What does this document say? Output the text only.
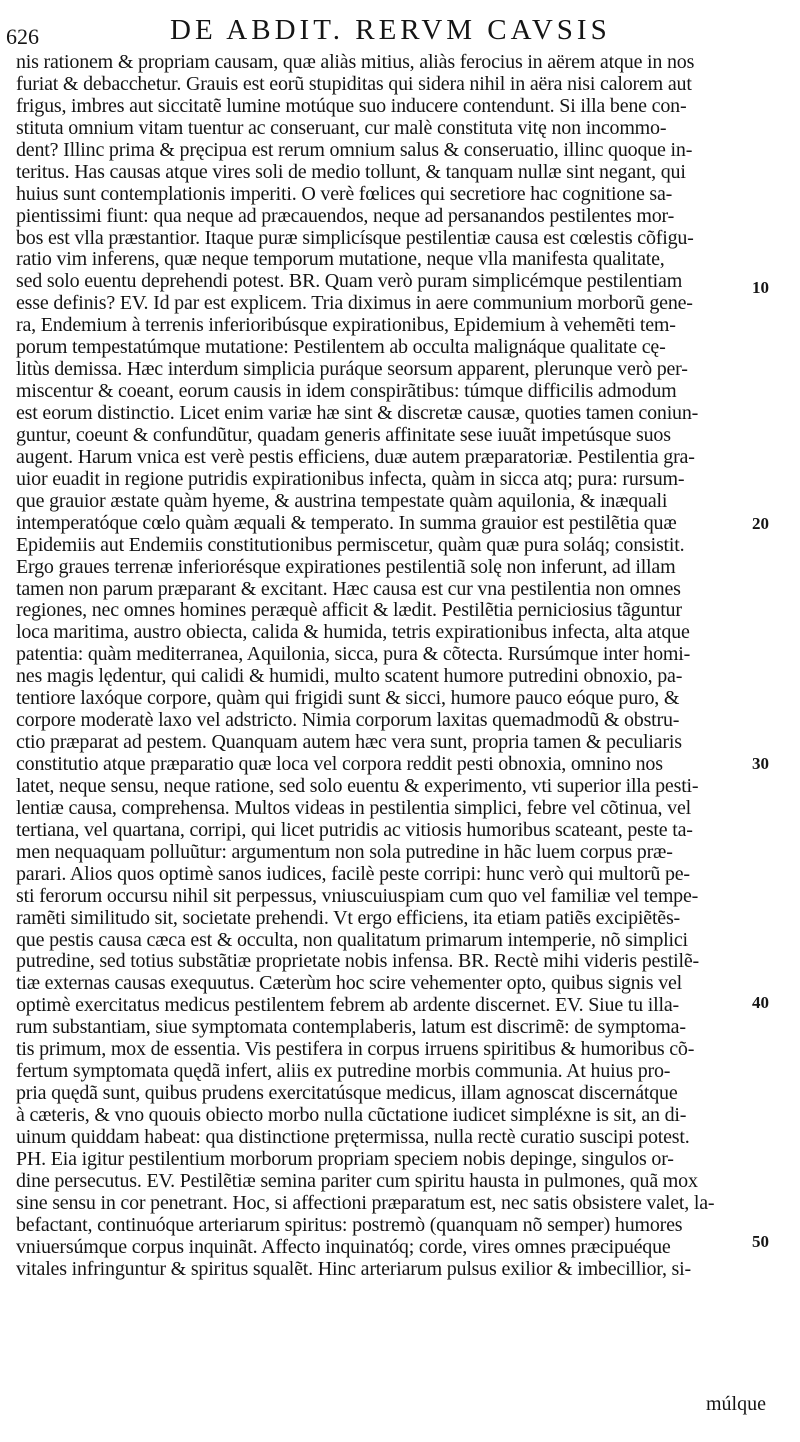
626	DE ABDIT. RERVM CAVSIS
nis rationem & propriam causam, quæ aliàs mitius, aliàs ferocius in aërem atque in nos
furiat & debacchetur. Grauis est eorũ stupiditas qui sidera nihil in aëra nisi calorem aut
frigus, imbres aut siccitatẽ lumine motúque suo inducere contendunt. Si illa bene con-
stituta omnium vitam tuentur ac conseruant, cur malè constituta vitę non incommo-
dent? Illinc prima & pręcipua est rerum omnium salus & conseruatio, illinc quoque in-
teritus. Has causas atque vires soli de medio tollunt, & tanquam nullæ sint negant, qui
huius sunt contemplationis imperiti. O verè fœlices qui secretiore hac cognitione sa-
pientissimi fiunt: qua neque ad præcauendos, neque ad persanandos pestilentes mor-
bos est vlla præstantior. Itaque puræ simplicísque pestilentiæ causa est cœlestis cõfigu-
ratio vim inferens, quæ neque temporum mutatione, neque vlla manifesta qualitate,
sed solo euentu deprehendi potest. BR. Quam verò puram simplicémque pestilentiam
esse definis? EV. Id par est explicem. Tria diximus in aere communium morborũ gene-
ra, Endemium à terrenis inferioribúsque expirationibus, Epidemium à vehemẽti tem-
porum tempestatúmque mutatione: Pestilentem ab occulta malignáque qualitate cę-
litùs demissa. Hæc interdum simplicia puráque seorsum apparent, plerunque verò per-
miscentur & coeant, eorum causis in idem conspirãtibus: túmque difficilis admodum
est eorum distinctio. Licet enim variæ hæ sint & discretæ causæ, quoties tamen coniun-
guntur, coeunt & confundũtur, quadam generis affinitate sese iuuãt impetúsque suos
augent. Harum vnica est verè pestis efficiens, duæ autem præparatoriæ. Pestilentia gra-
uior euadit in regione putridis expirationibus infecta, quàm in sicca atq; pura: rursum-
que grauior æstate quàm hyeme, & austrina tempestate quàm aquilonia, & inæquali
intemperatóque cœlo quàm æquali & temperato. In summa grauior est pestilẽtia quæ
Epidemiis aut Endemiis constitutionibus permiscetur, quàm quæ pura soláq; consistit.
Ergo graues terrenæ inferiorésque expirationes pestilentiã solę non inferunt, ad illam
tamen non parum præparant & excitant. Hæc causa est cur vna pestilentia non omnes
regiones, nec omnes homines peræquè afficit & lædit. Pestilẽtia perniciosius tãguntur
loca maritima, austro obiecta, calida & humida, tetris expirationibus infecta, alta atque
patentia: quàm mediterranea, Aquilonia, sicca, pura & cõtecta. Rursúmque inter homi-
nes magis lędentur, qui calidi & humidi, multo scatent humore putredini obnoxio, pa-
tentiore laxóque corpore, quàm qui frigidi sunt & sicci, humore pauco eóque puro, &
corpore moderatè laxo vel adstricto. Nimia corporum laxitas quemadmodũ & obstru-
ctio præparat ad pestem. Quanquam autem hæc vera sunt, propria tamen & peculiaris
constitutio atque præparatio quæ loca vel corpora reddit pesti obnoxia, omnino nos
latet, neque sensu, neque ratione, sed solo euentu & experimento, vti superior illa pesti-
lentiæ causa, comprehensa. Multos videas in pestilentia simplici, febre vel cõtinua, vel
tertiana, vel quartana, corripi, qui licet putridis ac vitiosis humoribus scateant, peste ta-
men nequaquam polluũtur: argumentum non sola putredine in hãc luem corpus præ-
parari. Alios quos optimè sanos iudices, facilè peste corripi: hunc verò qui multorũ pe-
sti ferorum occursu nihil sit perpessus, vniuscuiuspiam cum quo vel familiæ vel tempe-
ramẽti similitudo sit, societate prehendi. Vt ergo efficiens, ita etiam patiẽs excipiẽtẽs-
que pestis causa cæca est & occulta, non qualitatum primarum intemperie, nõ simplici
putredine, sed totius substãtiæ proprietate nobis infensa. BR. Rectè mihi videris pestilẽ-
tiæ externas causas exequutus. Cæterùm hoc scire vehementer opto, quibus signis vel
optimè exercitatus medicus pestilentem febrem ab ardente discernet. EV. Siue tu illa-
rum substantiam, siue symptomata contemplaberis, latum est discrimẽ: de symptoma-
tis primum, mox de essentia. Vis pestifera in corpus irruens spiritibus & humoribus cõ-
fertum symptomata quędã infert, aliis ex putredine morbis communia. At huius pro-
pria quędã sunt, quibus prudens exercitatúsque medicus, illam agnoscat discernátque
à cæteris, & vno quouis obiecto morbo nulla cũctatione iudicet simpléxne is sit, an di-
uinum quiddam habeat: qua distinctione prętermissa, nulla rectè curatio suscipi potest.
PH. Eia igitur pestilentium morborum propriam speciem nobis depinge, singulos or-
dine persecutus. EV. Pestilẽtiæ semina pariter cum spiritu hausta in pulmones, quã mox
sine sensu in cor penetrant. Hoc, si affectioni præparatum est, nec satis obsistere valet, la-
befactant, continuóque arteriarum spiritus: postremò (quanquam nõ semper) humores
vniuersúmque corpus inquinãt. Affecto inquinatóq; corde, vires omnes præcipuéque
vitales infringuntur & spiritus squalẽt. Hinc arteriarum pulsus exilior & imbecillior, si-
10
20
30
40
50
múlque
